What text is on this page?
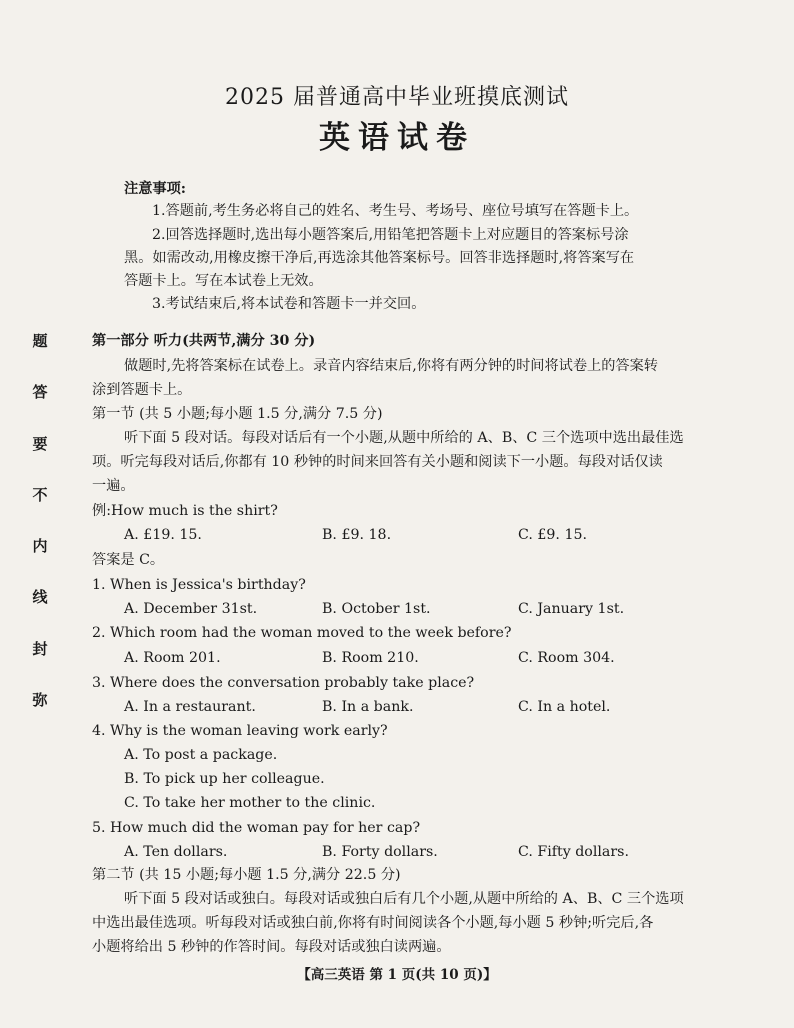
题
答
要
不
内
线
封
弥
2025 届普通高中毕业班摸底测试
英语试卷
注意事项:
1.答题前,考生务必将自己的姓名、考生号、考场号、座位号填写在答题卡上。
2.回答选择题时,选出每小题答案后,用铅笔把答题卡上对应题目的答案标号涂
黑。如需改动,用橡皮擦干净后,再选涂其他答案标号。回答非选择题时,将答案写在
答题卡上。写在本试卷上无效。
3.考试结束后,将本试卷和答题卡一并交回。
第一部分 听力(共两节,满分 30 分)
做题时,先将答案标在试卷上。录音内容结束后,你将有两分钟的时间将试卷上的答案转
涂到答题卡上。
第一节 (共 5 小题;每小题 1.5 分,满分 7.5 分)
听下面 5 段对话。每段对话后有一个小题,从题中所给的 A、B、C 三个选项中选出最佳选
项。听完每段对话后,你都有 10 秒钟的时间来回答有关小题和阅读下一小题。每段对话仅读
一遍。
例:How much is the shirt?
A. £19. 15.	B. £9. 18.	C. £9. 15.
答案是 C。
1. When is Jessica's birthday?
A. December 31st.	B. October 1st.	C. January 1st.
2. Which room had the woman moved to the week before?
A. Room 201.	B. Room 210.	C. Room 304.
3. Where does the conversation probably take place?
A. In a restaurant.	B. In a bank.	C. In a hotel.
4. Why is the woman leaving work early?
A. To post a package.
B. To pick up her colleague.
C. To take her mother to the clinic.
5. How much did the woman pay for her cap?
A. Ten dollars.	B. Forty dollars.	C. Fifty dollars.
第二节 (共 15 小题;每小题 1.5 分,满分 22.5 分)
听下面 5 段对话或独白。每段对话或独白后有几个小题,从题中所给的 A、B、C 三个选项
中选出最佳选项。听每段对话或独白前,你将有时间阅读各个小题,每小题 5 秒钟;听完后,各
小题将给出 5 秒钟的作答时间。每段对话或独白读两遍。
【高三英语 第 1 页(共 10 页)】
